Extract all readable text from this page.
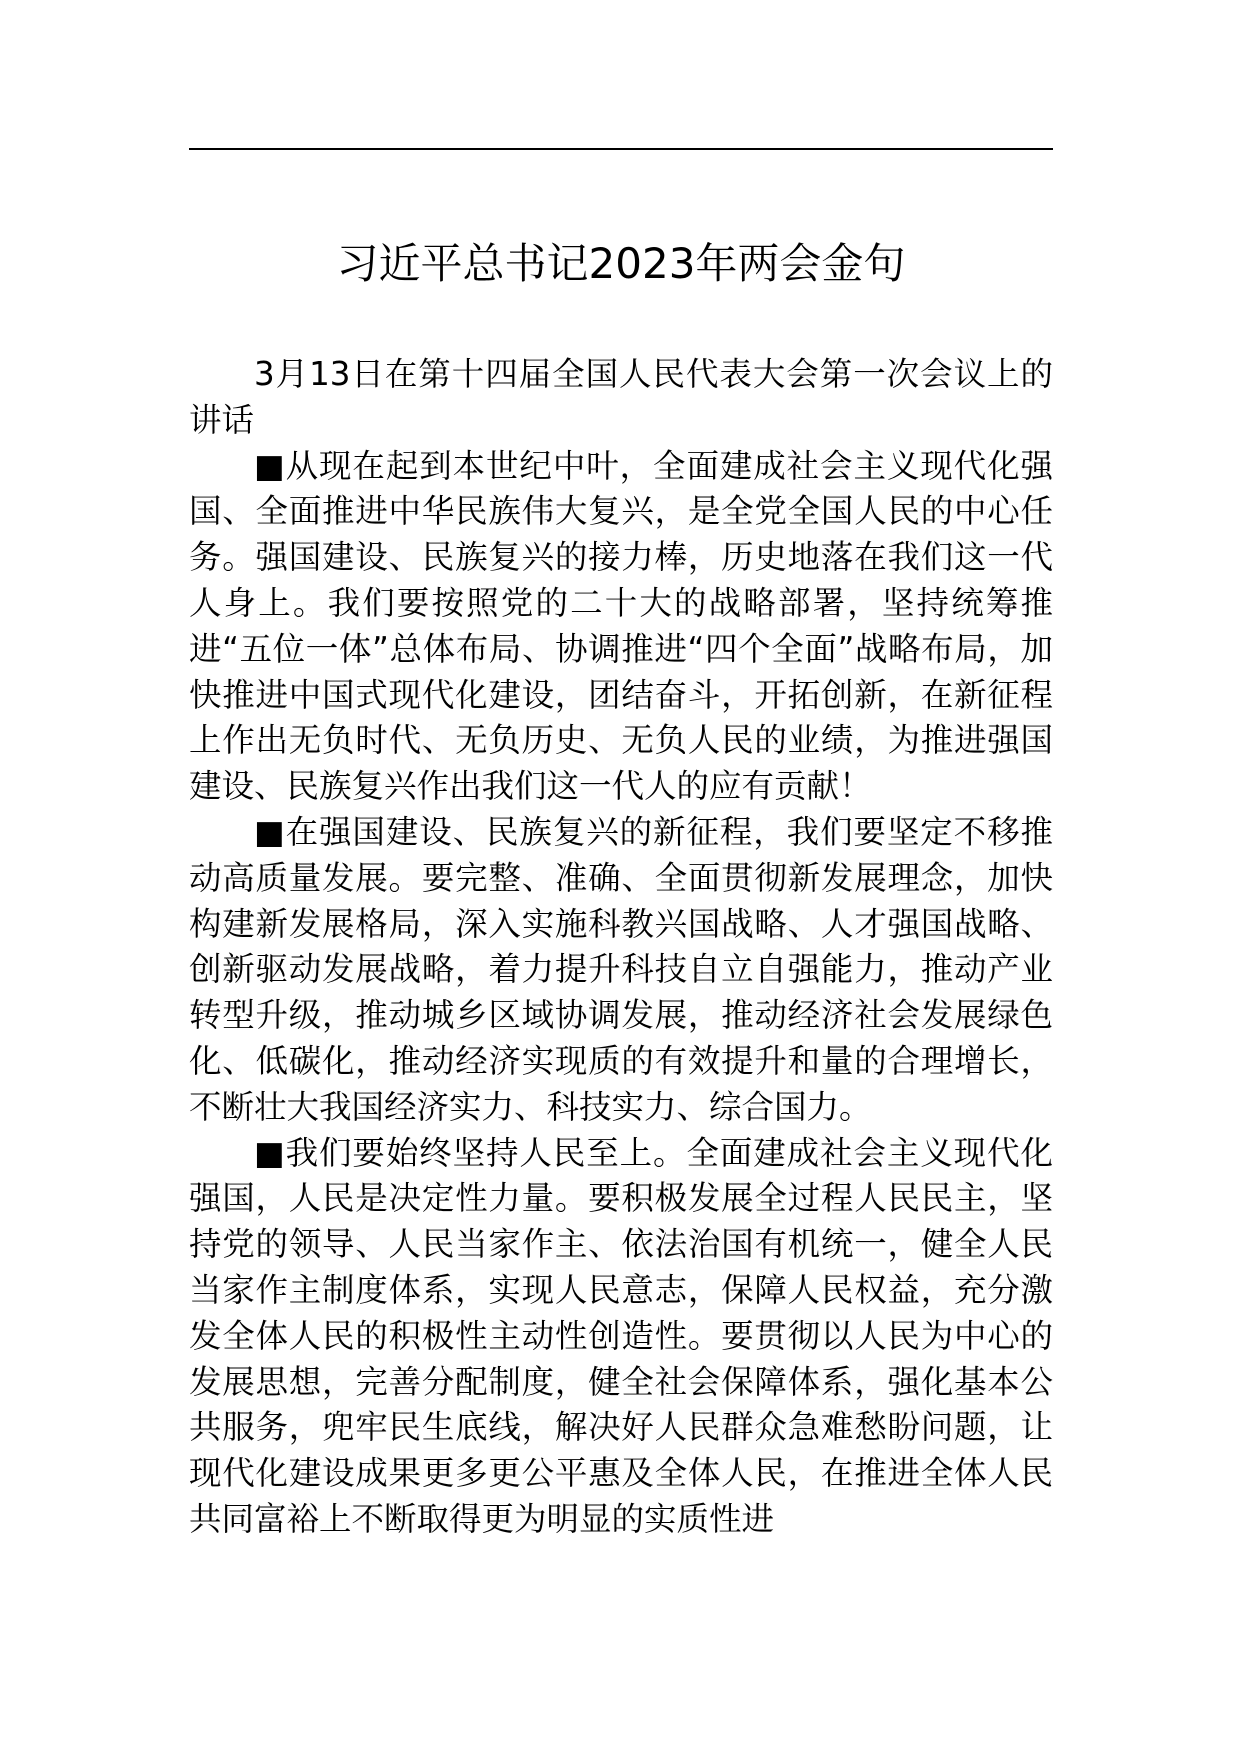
习近平总书记2023年两会金句

3月13日在第十四届全国人民代表大会第一次会议上的讲话

■从现在起到本世纪中叶，全面建成社会主义现代化强国、全面推进中华民族伟大复兴，是全党全国人民的中心任务。强国建设、民族复兴的接力棒，历史地落在我们这一代人身上。我们要按照党的二十大的战略部署，坚持统筹推进“五位一体”总体布局、协调推进“四个全面”战略布局，加快推进中国式现代化建设，团结奋斗，开拓创新，在新征程上作出无负时代、无负历史、无负人民的业绩，为推进强国建设、民族复兴作出我们这一代人的应有贡献！

■在强国建设、民族复兴的新征程，我们要坚定不移推动高质量发展。要完整、准确、全面贯彻新发展理念，加快构建新发展格局，深入实施科教兴国战略、人才强国战略、创新驱动发展战略，着力提升科技自立自强能力，推动产业转型升级，推动城乡区域协调发展，推动经济社会发展绿色化、低碳化，推动经济实现质的有效提升和量的合理增长，不断壮大我国经济实力、科技实力、综合国力。

■我们要始终坚持人民至上。全面建成社会主义现代化强国，人民是决定性力量。要积极发展全过程人民民主，坚持党的领导、人民当家作主、依法治国有机统一，健全人民当家作主制度体系，实现人民意志，保障人民权益，充分激发全体人民的积极性主动性创造性。要贯彻以人民为中心的发展思想，完善分配制度，健全社会保障体系，强化基本公共服务，兜牢民生底线，解决好人民群众急难愁盼问题，让现代化建设成果更多更公平惠及全体人民，在推进全体人民共同富裕上不断取得更为明显的实质性进
